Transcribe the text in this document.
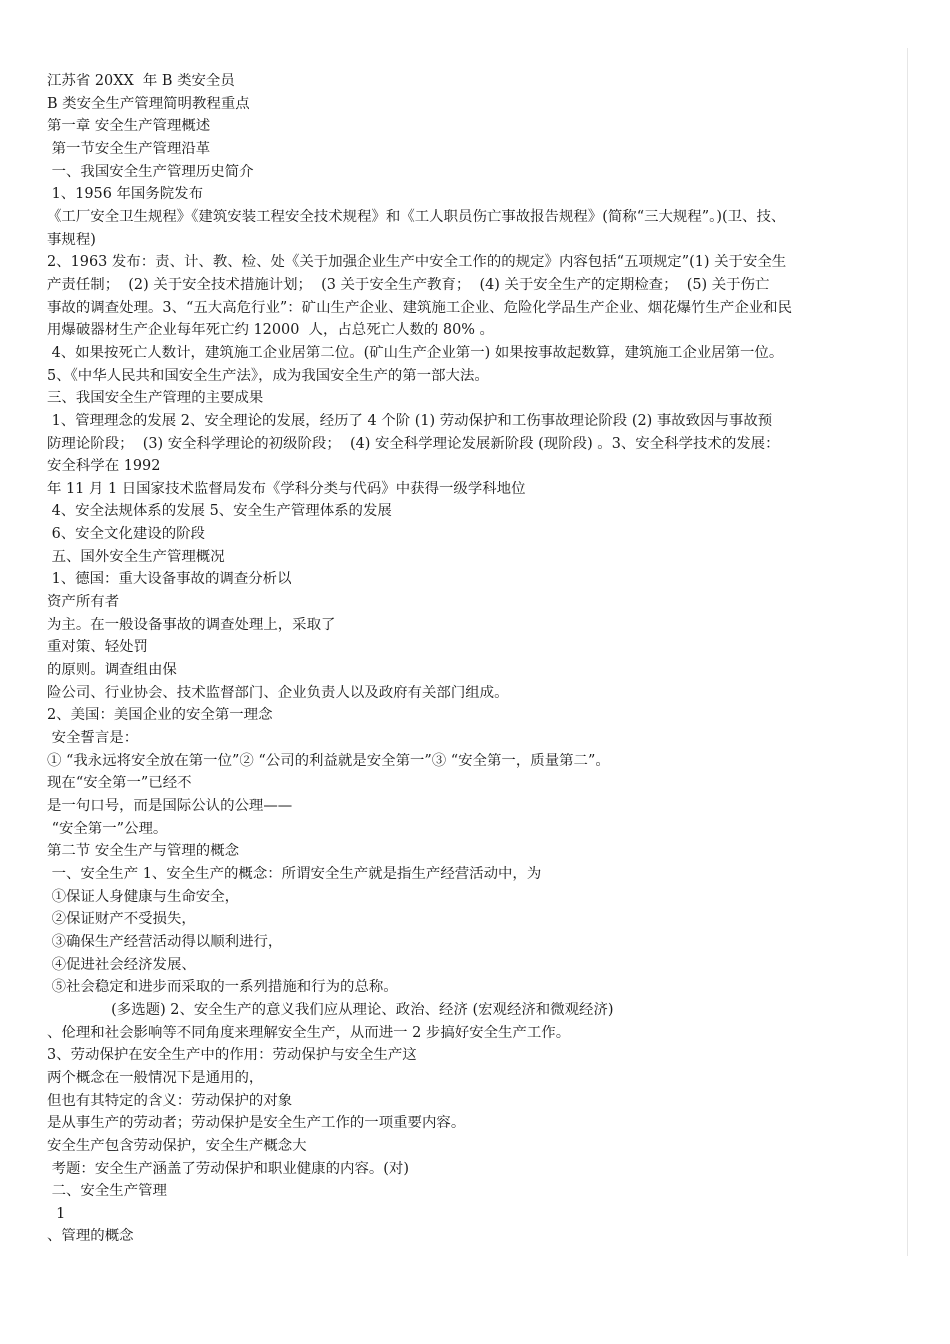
江苏省 20XX  年 B 类安全员
B 类安全生产管理简明教程重点
第一章 安全生产管理概述
第一节安全生产管理沿革
一、我国安全生产管理历史简介
1、1956 年国务院发布
《工厂安全卫生规程》《建筑安装工程安全技术规程》和《工人职员伤亡事故报告规程》(简称“三大规程”。)(卫、技、
事规程)
2、1963 发布：责、计、教、检、处《关于加强企业生产中安全工作的的规定》内容包括“五项规定”(1) 关于安全生
产责任制；  (2) 关于安全技术措施计划；  (3 关于安全生产教育；  (4) 关于安全生产的定期检查；  (5) 关于伤亡
事故的调查处理。3、“五大高危行业”：矿山生产企业、建筑施工企业、危险化学品生产企业、烟花爆竹生产企业和民
用爆破器材生产企业每年死亡约 12000  人，占总死亡人数的 80% 。
4、如果按死亡人数计，建筑施工企业居第二位。(矿山生产企业第一) 如果按事故起数算，建筑施工企业居第一位。
5、《中华人民共和国安全生产法》，成为我国安全生产的第一部大法。
三、我国安全生产管理的主要成果
1、管理理念的发展 2、安全理论的发展，经历了 4 个阶 (1) 劳动保护和工伤事故理论阶段 (2) 事故致因与事故预
防理论阶段；  (3) 安全科学理论的初级阶段；  (4) 安全科学理论发展新阶段 (现阶段) 。3、安全科学技术的发展：
安全科学在 1992
年 11 月 1 日国家技术监督局发布《学科分类与代码》中获得一级学科地位
4、安全法规体系的发展 5、安全生产管理体系的发展
6、安全文化建设的阶段
五、国外安全生产管理概况
1、德国：重大设备事故的调查分析以
资产所有者
为主。在一般设备事故的调查处理上，采取了
重对策、轻处罚
的原则。调查组由保
险公司、行业协会、技术监督部门、企业负责人以及政府有关部门组成。
2、美国：美国企业的安全第一理念
安全誓言是：
① “我永远将安全放在第一位”② “公司的利益就是安全第一”③ “安全第一，质量第二”。
现在“安全第一”已经不
是一句口号，而是国际公认的公理——
“安全第一”公理。
第二节 安全生产与管理的概念
一、安全生产 1、安全生产的概念：所谓安全生产就是指生产经营活动中，为
①保证人身健康与生命安全，
②保证财产不受损失，
③确保生产经营活动得以顺利进行，
④促进社会经济发展、
⑤社会稳定和进步而采取的一系列措施和行为的总称。
(多选题) 2、安全生产的意义我们应从理论、政治、经济 (宏观经济和微观经济)
、伦理和社会影响等不同角度来理解安全生产，从而进一 2 步搞好安全生产工作。
3、劳动保护在安全生产中的作用：劳动保护与安全生产这
两个概念在一般情况下是通用的，
但也有其特定的含义：劳动保护的对象
是从事生产的劳动者；劳动保护是安全生产工作的一项重要内容。
安全生产包含劳动保护，安全生产概念大
考题：安全生产涵盖了劳动保护和职业健康的内容。(对)
二、安全生产管理
1
、管理的概念
